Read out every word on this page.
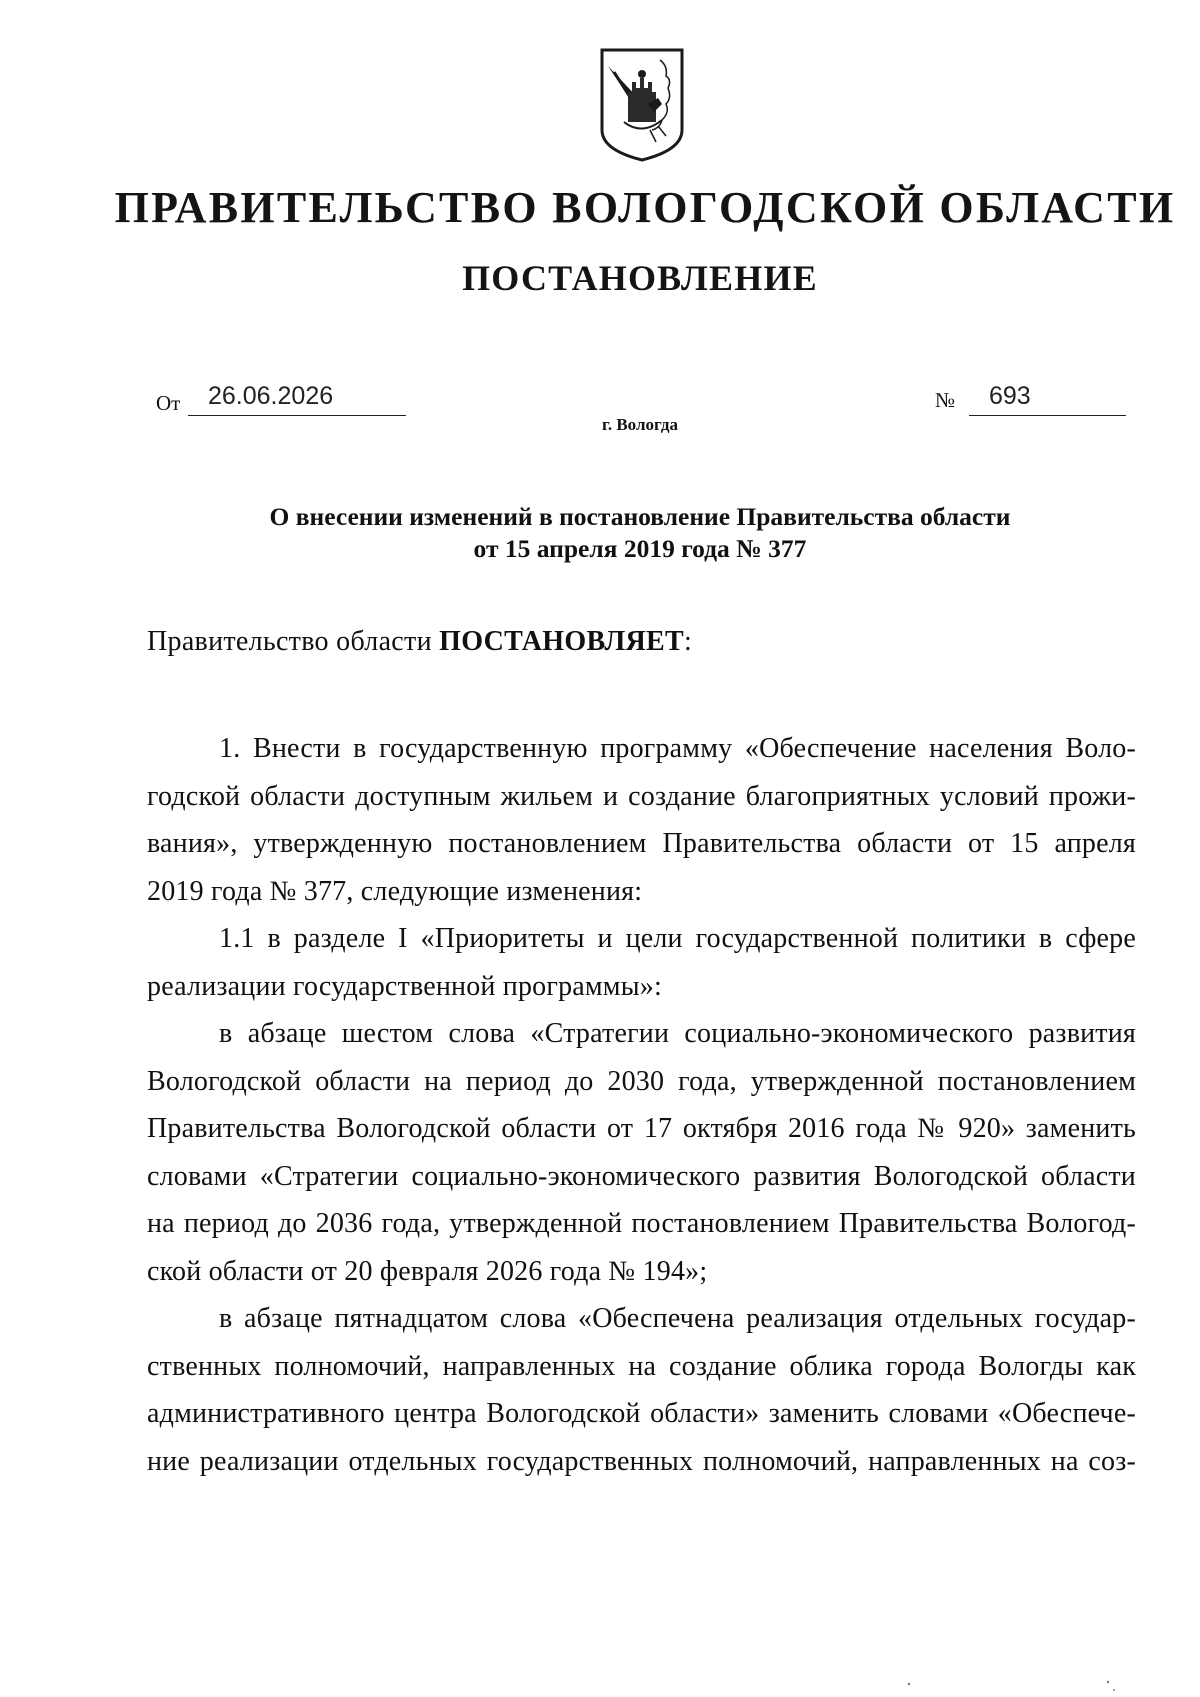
ПРАВИТЕЛЬСТВО ВОЛОГОДСКОЙ ОБЛАСТИ
ПОСТАНОВЛЕНИЕ
От 26.06.2026	№ 693

г. Вологда

О внесении изменений в постановление Правительства области
от 15 апреля 2019 года № 377

Правительство области ПОСТАНОВЛЯЕТ:

1. Внести в государственную программу «Обеспечение населения Воло-
годской области доступным жильем и создание благоприятных условий прожи-
вания», утвержденную постановлением Правительства области от 15 апреля
2019 года № 377, следующие изменения:
1.1 в разделе I «Приоритеты и цели государственной политики в сфере
реализации государственной программы»:
в абзаце шестом слова «Стратегии социально-экономического развития
Вологодской области на период до 2030 года, утвержденной постановлением
Правительства Вологодской области от 17 октября 2016 года № 920» заменить
словами «Стратегии социально-экономического развития Вологодской области
на период до 2036 года, утвержденной постановлением Правительства Вологод-
ской области от 20 февраля 2026 года № 194»;
в абзаце пятнадцатом слова «Обеспечена реализация отдельных государ-
ственных полномочий, направленных на создание облика города Вологды как
административного центра Вологодской области» заменить словами «Обеспече-
ние реализации отдельных государственных полномочий, направленных на соз-
